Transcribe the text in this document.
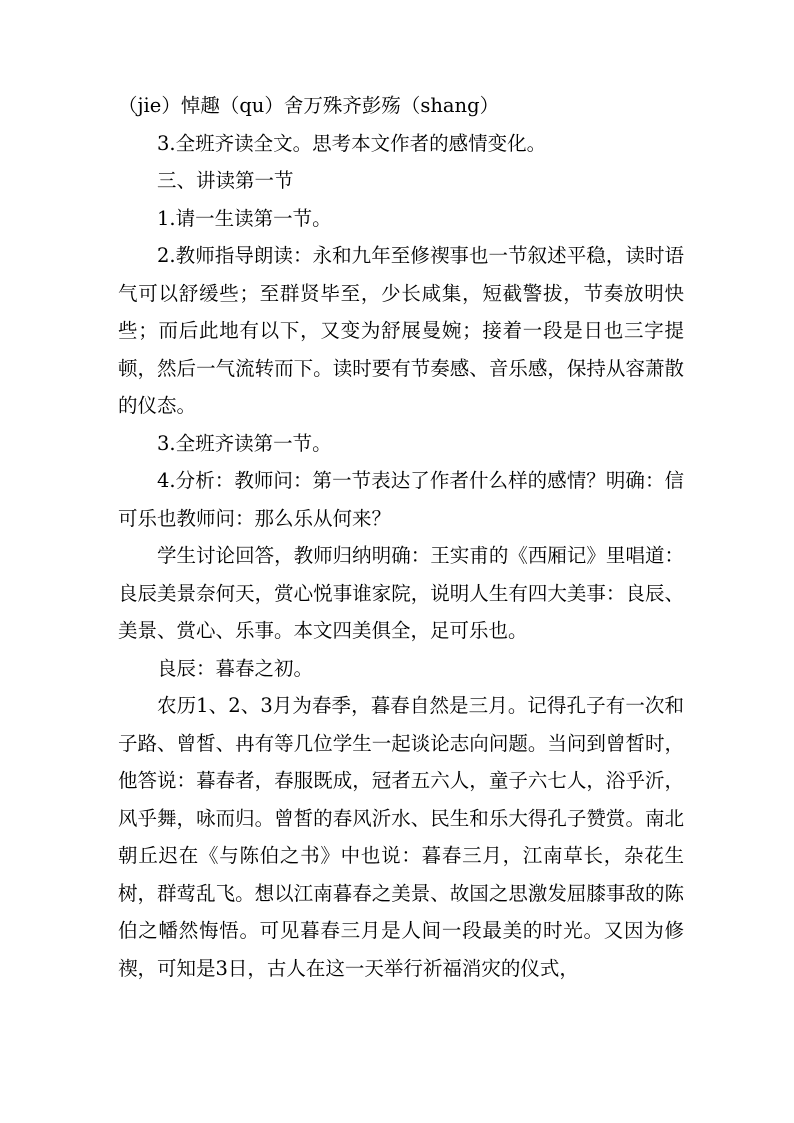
（jie）悼趣（qu）舍万殊齐彭殇（shang）

3.全班齐读全文。思考本文作者的感情变化。

三、讲读第一节

1.请一生读第一节。

2.教师指导朗读：永和九年至修禊事也一节叙述平稳，读时语气可以舒缓些；至群贤毕至，少长咸集，短截警拔，节奏放明快些；而后此地有以下，又变为舒展曼婉；接着一段是日也三字提顿，然后一气流转而下。读时要有节奏感、音乐感，保持从容萧散的仪态。

3.全班齐读第一节。

4.分析：教师问：第一节表达了作者什么样的感情？明确：信可乐也教师问：那么乐从何来？

学生讨论回答，教师归纳明确：王实甫的《西厢记》里唱道：良辰美景奈何天，赏心悦事谁家院，说明人生有四大美事：良辰、美景、赏心、乐事。本文四美俱全，足可乐也。

良辰：暮春之初。

农历1、2、3月为春季，暮春自然是三月。记得孔子有一次和子路、曾皙、冉有等几位学生一起谈论志向问题。当问到曾皙时，他答说：暮春者，春服既成，冠者五六人，童子六七人，浴乎沂，风乎舞，咏而归。曾皙的春风沂水、民生和乐大得孔子赞赏。南北朝丘迟在《与陈伯之书》中也说：暮春三月，江南草长，杂花生树，群莺乱飞。想以江南暮春之美景、故国之思激发屈膝事敌的陈伯之幡然悔悟。可见暮春三月是人间一段最美的时光。又因为修禊，可知是3日，古人在这一天举行祈福消灾的仪式，
